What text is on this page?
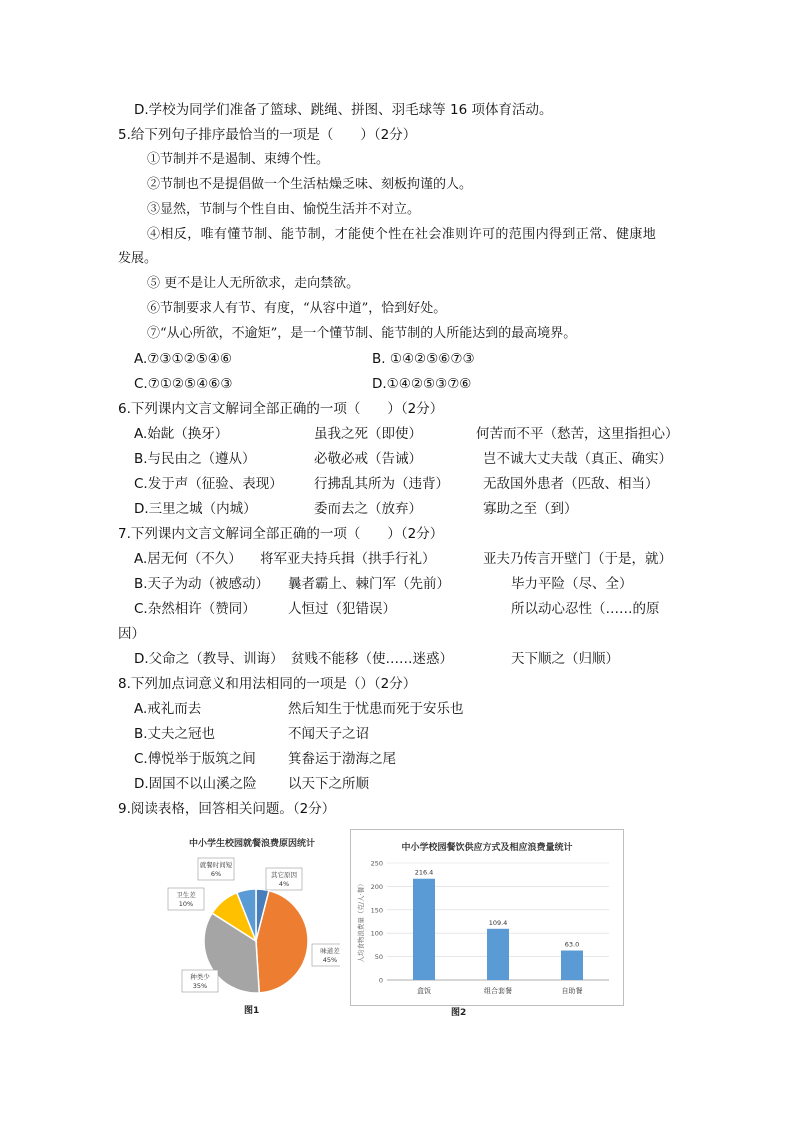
D.学校为同学们准备了篮球、跳绳、拼图、羽毛球等 16 项体育活动。
5.给下列句子排序最恰当的一项是（　　）（2分）
①节制并不是遏制、束缚个性。
②节制也不是提倡做一个生活枯燥乏味、刻板拘谨的人。
③显然，节制与个性自由、愉悦生活并不对立。
④相反，唯有懂节制、能节制，才能使个性在社会准则许可的范围内得到正常、健康地
发展。
⑤ 更不是让人无所欲求，走向禁欲。
⑥节制要求人有节、有度，“从容中道”，恰到好处。
⑦“从心所欲，不逾矩”，是一个懂节制、能节制的人所能达到的最高境界。
A.⑦③①②⑤④⑥	B. ①④②⑤⑥⑦③
C.⑦①②⑤④⑥③	D.①④②⑤③⑦⑥
6.下列课内文言文解词全部正确的一项（　　）（2分）
A.始龀（换牙）	虽我之死（即使）	何苦而不平（愁苦，这里指担心）
B.与民由之（遵从）	必敬必戒（告诫）	岂不诚大丈夫哉（真正、确实）
C.发于声（征验、表现） 行拂乱其所为（违背）	无敌国外患者（匹敌、相当）
D.三里之城（内城）	委而去之（放弃）	寡助之至（到）
7.下列课内文言文解词全部正确的一项（　　）（2分）
A.居无何（不久） 将军亚夫持兵揖（拱手行礼）	亚夫乃传言开壁门（于是，就）
B.天子为动（被感动） 曩者霸上、棘门军（先前）	毕力平险（尽、全）
C.杂然相许（赞同） 人恒过（犯错误）	所以动心忍性（……的原
因）
D.父命之（教导、训诲） 贫贱不能移（使……迷惑）	天下顺之（归顺）
8.下列加点词意义和用法相同的一项是（）（2分）
A.戒礼而去	然后知生于忧患而死于安乐也
B.丈夫之冠也	不闻天子之诏
C.傅悦举于版筑之间 箕畚运于渤海之尾
D.固国不以山溪之险 以天下之所顺
9.阅读表格，回答相关问题。（2分）
中小学生校园就餐浪费原因统计
其它原因
4%
味道差
45%
种类少
35%
卫生差
10%
就餐时间短
6%
图1
中小学校园餐饮供应方式及相应浪费量统计
0
50
100
150
200
250
人均食物浪费量（克/人·餐）
216.4
盒饭
109.4
组合套餐
63.0
自助餐
图2
